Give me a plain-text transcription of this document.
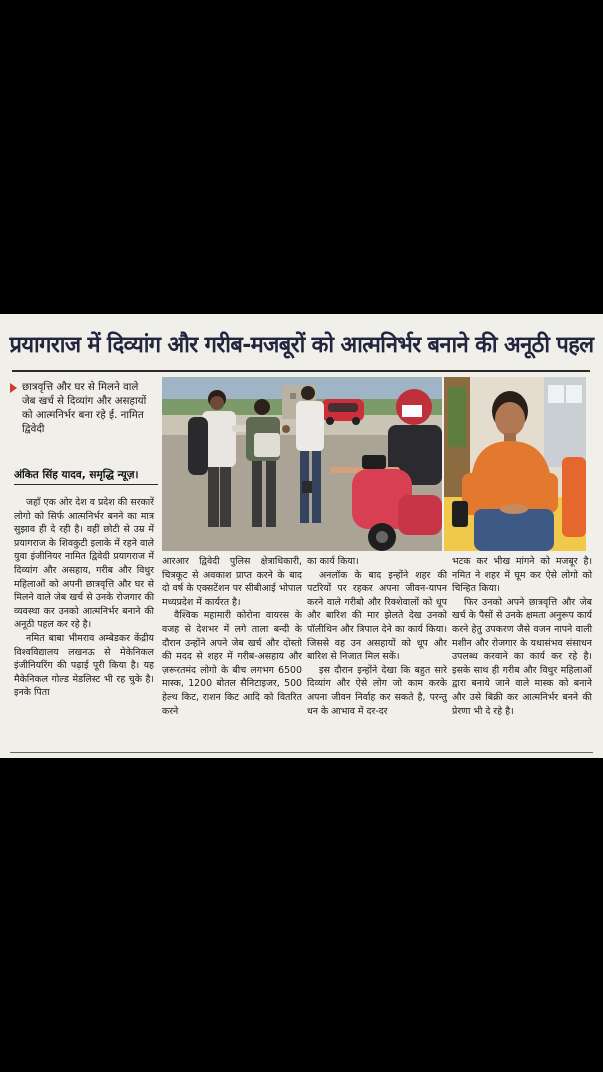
प्रयागराज में दिव्यांग और गरीब-मजबूरों को आत्मनिर्भर बनाने की अनूठी पहल
छात्रवृत्ति और घर से मिलने वाले जेब खर्च से दिव्यांग और असहायों को आत्मनिर्भर बना रहे ई. नामित द्विवेदी
अंकित सिंह यादव, समृद्धि न्यूज़।

जहाँ एक ओर देश व प्रदेश की सरकारें लोगो को सिर्फ आत्मनिर्भर बनने का मात्र सुझाव ही दे रही है। वहीं छोटी से उम्र में प्रयागराज के शिवकुटी इलाके में रहने वाले युवा इंजीनियर नामित द्विवेदी प्रयागराज में दिव्यांग और असहाय, गरीब और विधुर महिलाओं को अपनी छात्रवृत्ति और घर से मिलने वाले जेब खर्च से उनके रोजगार की व्यवस्था कर उनको आत्मनिर्भर बनाने की अनूठी पहल कर रहे है।

नमित बाबा भीमराव अम्बेडकर केंद्रीय विश्वविद्यालय लखनऊ से मेकेनिकल इंजीनियरिंग की पढ़ाई पूरी किया है। यह मैकेनिकल गोल्ड मेडलिस्ट भी रह चुके है। इनके पिता

आरआर द्विवेदी पुलिस क्षेत्राधिकारी, चित्रकूट से अवकाश प्राप्त करने के बाद दो वर्ष के एक्सटेंशन पर सीबीआई भोपाल मध्यप्रदेश में कार्यरत है।

वैश्विक महामारी कोरोना वायरस के वजह से देशभर में लगे ताला बन्दी के दौरान उन्होंने अपने जेब खर्च और दोस्तो की मदद से शहर में गरीब-असहाय और ज़रूरतमंद लोगो के बीच लगभग 6500 मास्क, 1200 बोतल सैनिटाइजर, 500 हेल्थ किट, राशन किट आदि को वितरित करने

का कार्य किया।

अनलॉक के बाद इन्होंने शहर की पटरियों पर रहकर अपना जीवन-यापन करने वाले गरीबो और रिक्शेवालों को धूप और बारिश की मार झेलते देख उनको पॉलीथिन और त्रिपाल देने का कार्य किया। जिससे वह उन असहायों को धूप और बारिश से निजात मिल सकें।

इस दौरान इन्होंने देखा कि बहुत सारे दिव्यांग और ऐसे लोग जो काम करके अपना जीवन निर्वाह कर सकते है, परन्तु धन के आभाव में दर-दर

भटक कर भीख मांगने को मजबूर है। नमित ने शहर में घूम कर ऐसे लोगो को चिन्हित किया।

फिर उनको अपने छात्रवृत्ति और जेब खर्च के पैसों से उनके क्षमता अनुरूप कार्य करने हेतु उपकरण जैसे वजन नापने वाली मशीन और रोजगार के यथासंभव संसाधन उपलब्ध करवाने का कार्य कर रहे है। इसके साथ ही गरीब और विधुर महिलाओं द्वारा बनाये जाने वाले मास्क को बनाने और उसे बिक्री कर आत्मनिर्भर बनने की प्रेरणा भी दे रहे है।
